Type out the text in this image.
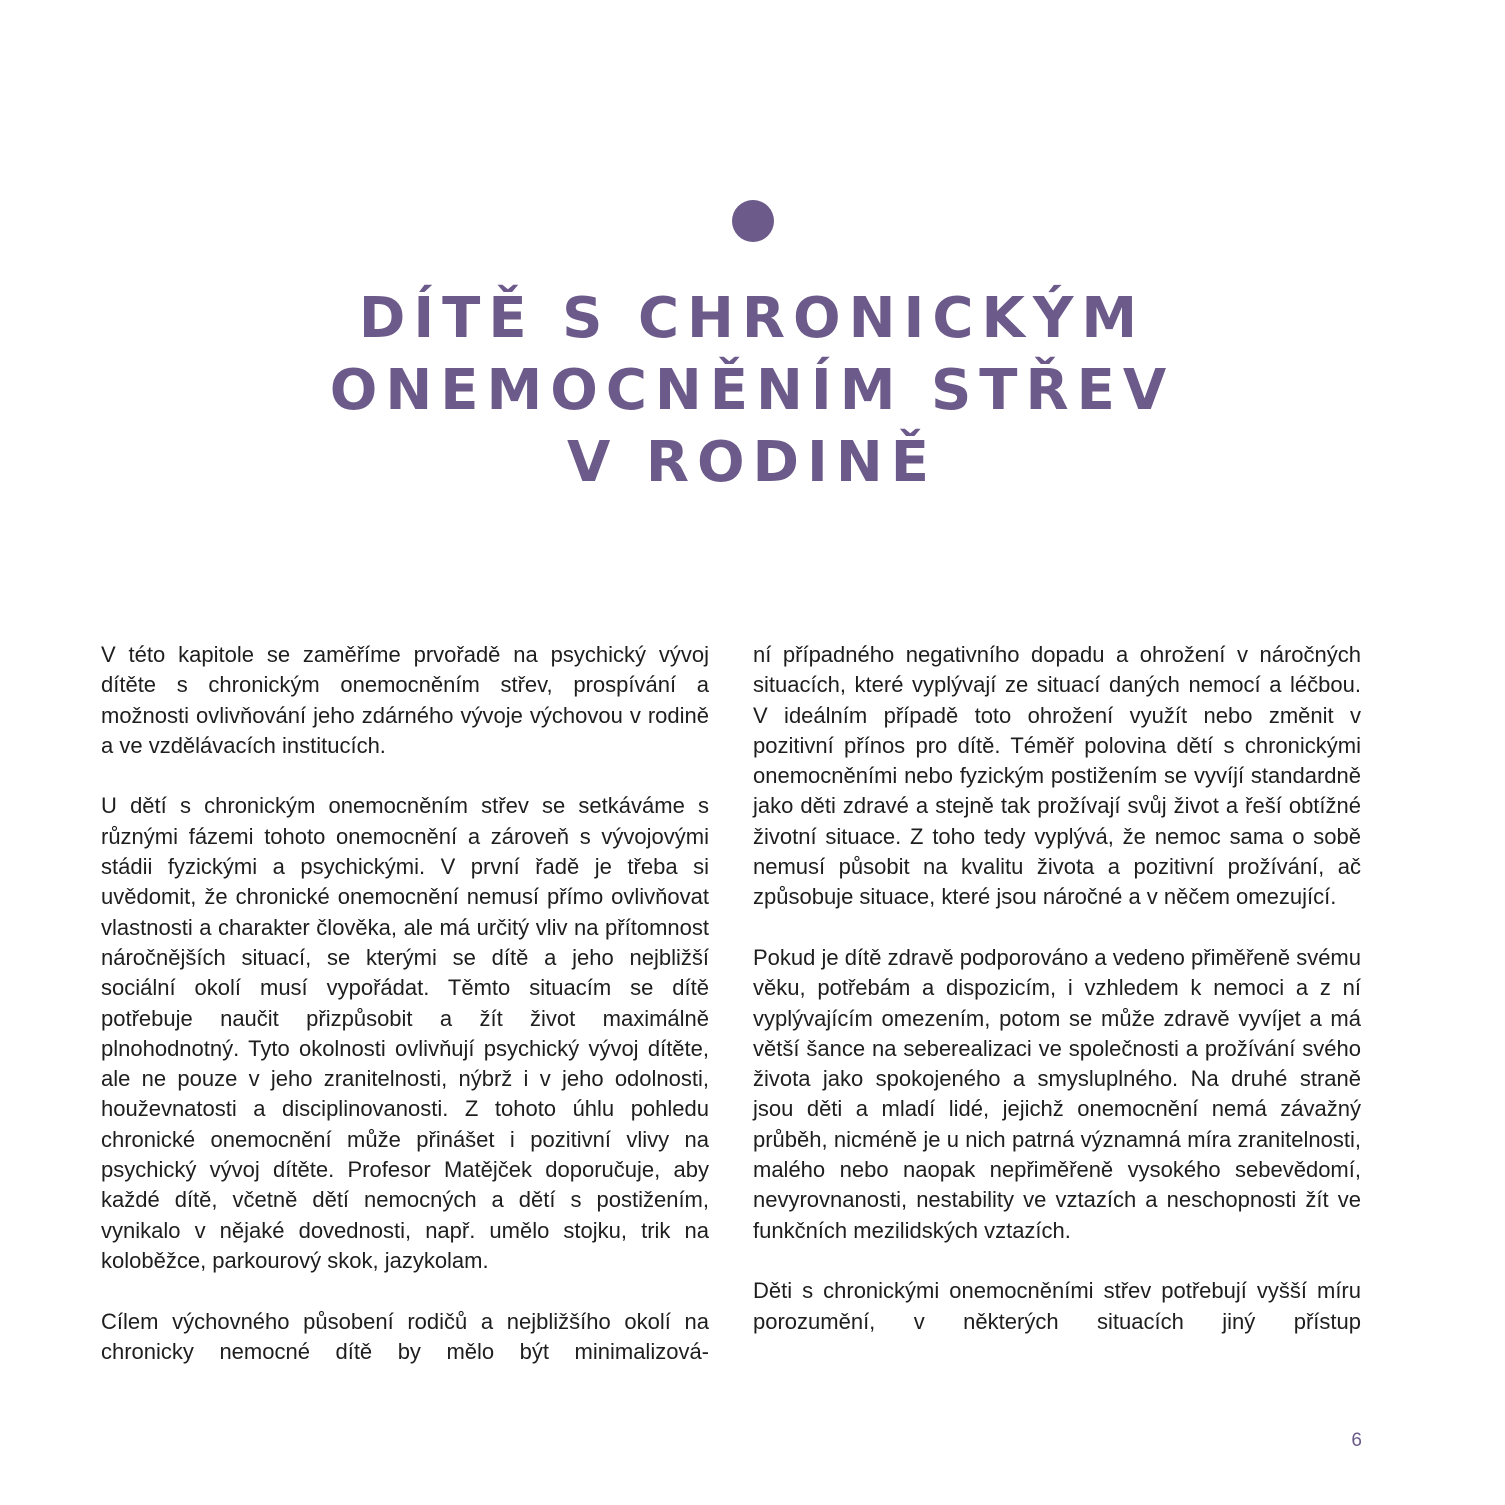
DÍTĚ S CHRONICKÝM
ONEMOCNĚNÍM STŘEV
V RODINĚ

V této kapitole se zaměříme prvořadě na psychický vývoj dítěte s chronickým onemocněním střev, prospívání a možnosti ovlivňování jeho zdárného vývoje výchovou v rodině a ve vzdělávacích institucích.

U dětí s chronickým onemocněním střev se setkáváme s různými fázemi tohoto onemocnění a zároveň s vývojovými stádii fyzickými a psychickými. V první řadě je třeba si uvědomit, že chronické onemocnění nemusí přímo ovlivňovat vlastnosti a charakter člověka, ale má určitý vliv na přítomnost náročnějších situací, se kterými se dítě a jeho nejbližší sociální okolí musí vypořádat. Těmto situacím se dítě potřebuje naučit přizpůsobit a žít život maximálně plnohodnotný. Tyto okolnosti ovlivňují psychický vývoj dítěte, ale ne pouze v jeho zranitelnosti, nýbrž i v jeho odolnosti, houževnatosti a disciplinovanosti. Z tohoto úhlu pohledu chronické onemocnění může přinášet i pozitivní vlivy na psychický vývoj dítěte. Profesor Matějček doporučuje, aby každé dítě, včetně dětí nemocných a dětí s postižením, vynikalo v nějaké dovednosti, např. umělo stojku, trik na koloběžce, parkourový skok, jazykolam.

Cílem výchovného působení rodičů a nejbližšího okolí na chronicky nemocné dítě by mělo být minimalizová-

ní případného negativního dopadu a ohrožení v náročných situacích, které vyplývají ze situací daných nemocí a léčbou. V ideálním případě toto ohrožení využít nebo změnit v pozitivní přínos pro dítě. Téměř polovina dětí s chronickými onemocněními nebo fyzickým postižením se vyvíjí standardně jako děti zdravé a stejně tak prožívají svůj život a řeší obtížné životní situace. Z toho tedy vyplývá, že nemoc sama o sobě nemusí působit na kvalitu života a pozitivní prožívání, ač způsobuje situace, které jsou náročné a v něčem omezující.

Pokud je dítě zdravě podporováno a vedeno přiměřeně svému věku, potřebám a dispozicím, i vzhledem k nemoci a z ní vyplývajícím omezením, potom se může zdravě vyvíjet a má větší šance na seberealizaci ve společnosti a prožívání svého života jako spokojeného a smysluplného. Na druhé straně jsou děti a mladí lidé, jejichž onemocnění nemá závažný průběh, nicméně je u nich patrná významná míra zranitelnosti, malého nebo naopak nepřiměřeně vysokého sebevědomí, nevyrovnanosti, nestability ve vztazích a neschopnosti žít ve funkčních mezilidských vztazích.

Děti s chronickými onemocněními střev potřebují vyšší míru porozumění, v některých situacích jiný přístup

6
